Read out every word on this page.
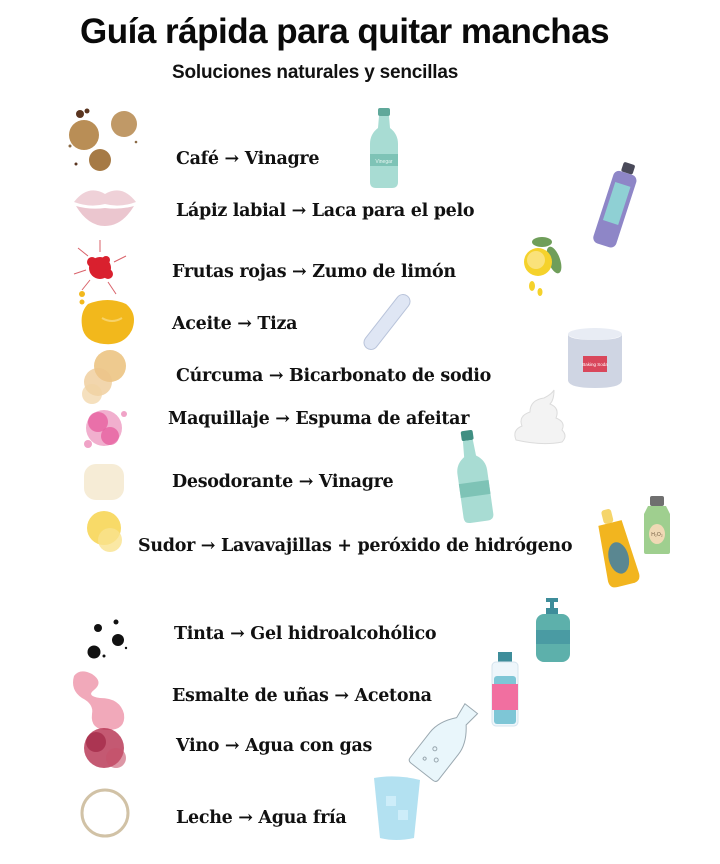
Guía rápida para quitar manchas
Soluciones naturales y sencillas
Café → Vinagre
Lápiz labial → Laca para el pelo
Frutas rojas → Zumo de limón
Aceite → Tiza
Cúrcuma → Bicarbonato de sodio
Maquillaje → Espuma de afeitar
Desodorante → Vinagre
Sudor → Lavavajillas + peróxido de hidrógeno
Tinta → Gel hidroalcohólico
Esmalte de uñas → Acetona
Vino → Agua con gas
Leche → Agua fría
Vinegar
Baking Soda
H₂O₂
